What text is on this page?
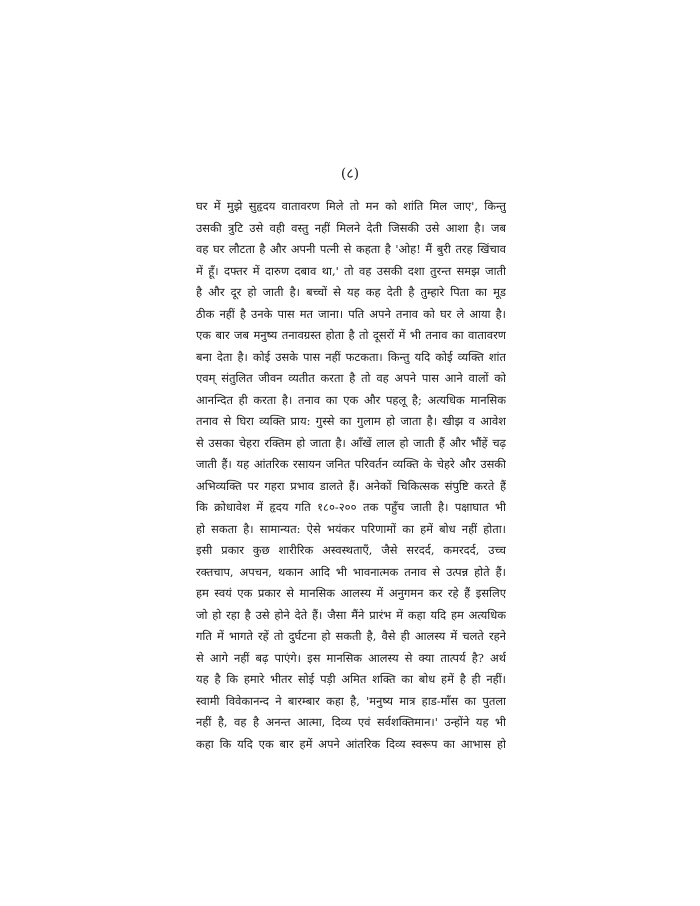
(८)
घर में मुझे सुहृदय वातावरण मिले तो मन को शांति मिल जाए', किन्तु
उसकी त्रुटि उसे वही वस्तु नहीं मिलने देती जिसकी उसे आशा है। जब
वह घर लौटता है और अपनी पत्नी से कहता है 'ओह! मैं बुरी तरह खिंचाव
में हूँ। दफ्तर में दारुण दबाव था,' तो वह उसकी दशा तुरन्त समझ जाती
है और दूर हो जाती है। बच्चों से यह कह देती है तुम्हारे पिता का मूड
ठीक नहीं है उनके पास मत जाना। पति अपने तनाव को घर ले आया है।
एक बार जब मनुष्य तनावग्रस्त होता है तो दूसरों में भी तनाव का वातावरण
बना देता है। कोई उसके पास नहीं फटकता। किन्तु यदि कोई व्यक्ति शांत
एवम् संतुलित जीवन व्यतीत करता है तो वह अपने पास आने वालों को
आनन्दित ही करता है। तनाव का एक और पहलू है; अत्यधिक मानसिक
तनाव से घिरा व्यक्ति प्राय: गुस्से का गुलाम हो जाता है। खीझ व आवेश
से उसका चेहरा रक्तिम हो जाता है। आँखें लाल हो जाती हैं और भौंहें चढ़
जाती हैं। यह आंतरिक रसायन जनित परिवर्तन व्यक्ति के चेहरे और उसकी
अभिव्यक्ति पर गहरा प्रभाव डालते हैं। अनेकों चिकित्सक संपुष्टि करते हैं
कि क्रोधावेश में हृदय गति १८०-२०० तक पहुँच जाती है। पक्षाघात भी
हो सकता है। सामान्यत: ऐसे भयंकर परिणामों का हमें बोध नहीं होता।
इसी प्रकार कुछ शारीरिक अस्वस्थताएँ, जैसे सरदर्द, कमरदर्द, उच्च
रक्तचाप, अपचन, थकान आदि भी भावनात्मक तनाव से उत्पन्न होते हैं।
हम स्वयं एक प्रकार से मानसिक आलस्य में अनुगमन कर रहे हैं इसलिए
जो हो रहा है उसे होने देते हैं। जैसा मैंने प्रारंभ में कहा यदि हम अत्यधिक
गति में भागते रहें तो दुर्घटना हो सकती है, वैसे ही आलस्य में चलते रहने
से आगे नहीं बढ़ पाएंगे। इस मानसिक आलस्य से क्या तात्पर्य है? अर्थ
यह है कि हमारे भीतर सोई पड़ी अमित शक्ति का बोध हमें है ही नहीं।
स्वामी विवेकानन्द ने बारम्बार कहा है, 'मनुष्य मात्र हाड-माँस का पुतला
नहीं है, वह है अनन्त आत्मा, दिव्य एवं सर्वशक्तिमान।' उन्होंने यह भी
कहा कि यदि एक बार हमें अपने आंतरिक दिव्य स्वरूप का आभास हो
